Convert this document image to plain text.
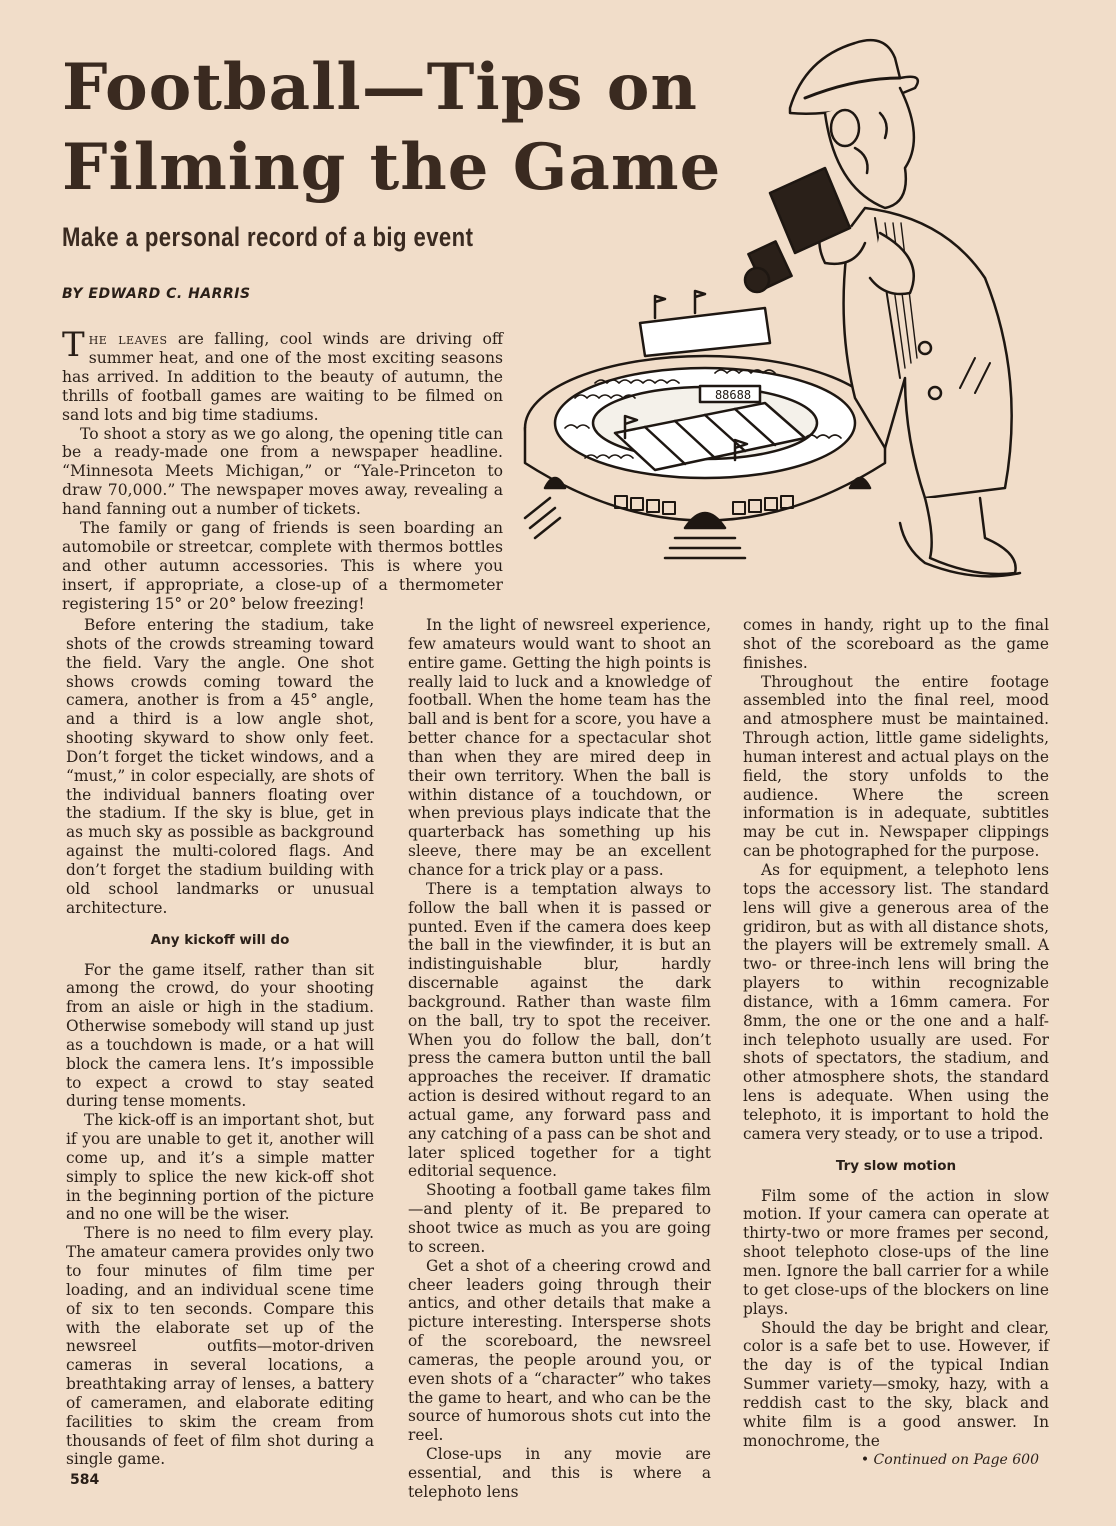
Football—Tips on
Filming the Game
Make a personal record of a big event
BY EDWARD C. HARRIS
88688

The leaves are falling, cool winds are driving off summer heat, and one of the most exciting seasons has arrived. In addition to the beauty of autumn, the thrills of football games are waiting to be filmed on sand lots and big time stadiums.

To shoot a story as we go along, the opening title can be a ready-made one from a newspaper headline. “Minnesota Meets Michigan,” or “Yale-Princeton to draw 70,000.” The newspaper moves away, revealing a hand fanning out a number of tickets.

The family or gang of friends is seen boarding an automobile or streetcar, complete with thermos bottles and other autumn accessories. This is where you insert, if appropriate, a close-up of a thermometer registering 15° or 20° below freezing!

Before entering the stadium, take shots of the crowds streaming toward the field. Vary the angle. One shot shows crowds coming toward the camera, another is from a 45° angle, and a third is a low angle shot, shooting skyward to show only feet. Don’t forget the ticket windows, and a “must,” in color especially, are shots of the individual banners floating over the stadium. If the sky is blue, get in as much sky as possible as background against the multi-colored flags. And don’t forget the stadium building with old school landmarks or unusual architecture.

Any kickoff will do

For the game itself, rather than sit among the crowd, do your shooting from an aisle or high in the stadium. Otherwise somebody will stand up just as a touchdown is made, or a hat will block the camera lens. It’s impossible to expect a crowd to stay seated during tense moments.

The kick-off is an important shot, but if you are unable to get it, another will come up, and it’s a simple matter simply to splice the new kick-off shot in the beginning portion of the picture and no one will be the wiser.

There is no need to film every play. The amateur camera provides only two to four minutes of film time per loading, and an individual scene time of six to ten seconds. Compare this with the elaborate set up of the newsreel outfits—motor-driven cameras in several locations, a breathtaking array of lenses, a battery of cameramen, and elaborate editing facilities to skim the cream from thousands of feet of film shot during a single game.

In the light of newsreel experience, few amateurs would want to shoot an entire game. Getting the high points is really laid to luck and a knowledge of football. When the home team has the ball and is bent for a score, you have a better chance for a spectacular shot than when they are mired deep in their own territory. When the ball is within distance of a touchdown, or when previous plays indicate that the quarterback has something up his sleeve, there may be an excellent chance for a trick play or a pass.

There is a temptation always to follow the ball when it is passed or punted. Even if the camera does keep the ball in the viewfinder, it is but an indistinguishable blur, hardly discernable against the dark background. Rather than waste film on the ball, try to spot the receiver. When you do follow the ball, don’t press the camera button until the ball approaches the receiver. If dramatic action is desired without regard to an actual game, any forward pass and any catching of a pass can be shot and later spliced together for a tight editorial sequence.

Shooting a football game takes film—and plenty of it. Be prepared to shoot twice as much as you are going to screen.

Get a shot of a cheering crowd and cheer leaders going through their antics, and other details that make a picture interesting. Intersperse shots of the scoreboard, the newsreel cameras, the people around you, or even shots of a “character” who takes the game to heart, and who can be the source of humorous shots cut into the reel.

Close-ups in any movie are essential, and this is where a telephoto lens

comes in handy, right up to the final shot of the scoreboard as the game finishes.

Throughout the entire footage assembled into the final reel, mood and atmosphere must be maintained. Through action, little game sidelights, human interest and actual plays on the field, the story unfolds to the audience. Where the screen information is in adequate, subtitles may be cut in. Newspaper clippings can be photographed for the purpose.

As for equipment, a telephoto lens tops the accessory list. The standard lens will give a generous area of the gridiron, but as with all distance shots, the players will be extremely small. A two- or three-inch lens will bring the players to within recognizable distance, with a 16mm camera. For 8mm, the one or the one and a half-inch telephoto usually are used. For shots of spectators, the stadium, and other atmosphere shots, the standard lens is adequate. When using the telephoto, it is important to hold the camera very steady, or to use a tripod.

Try slow motion

Film some of the action in slow motion. If your camera can operate at thirty-two or more frames per second, shoot telephoto close-ups of the line men. Ignore the ball carrier for a while to get close-ups of the blockers on line plays.

Should the day be bright and clear, color is a safe bet to use. However, if the day is of the typical Indian Summer variety—smoky, hazy, with a reddish cast to the sky, black and white film is a good answer. In monochrome, the

• Continued on Page 600
584
